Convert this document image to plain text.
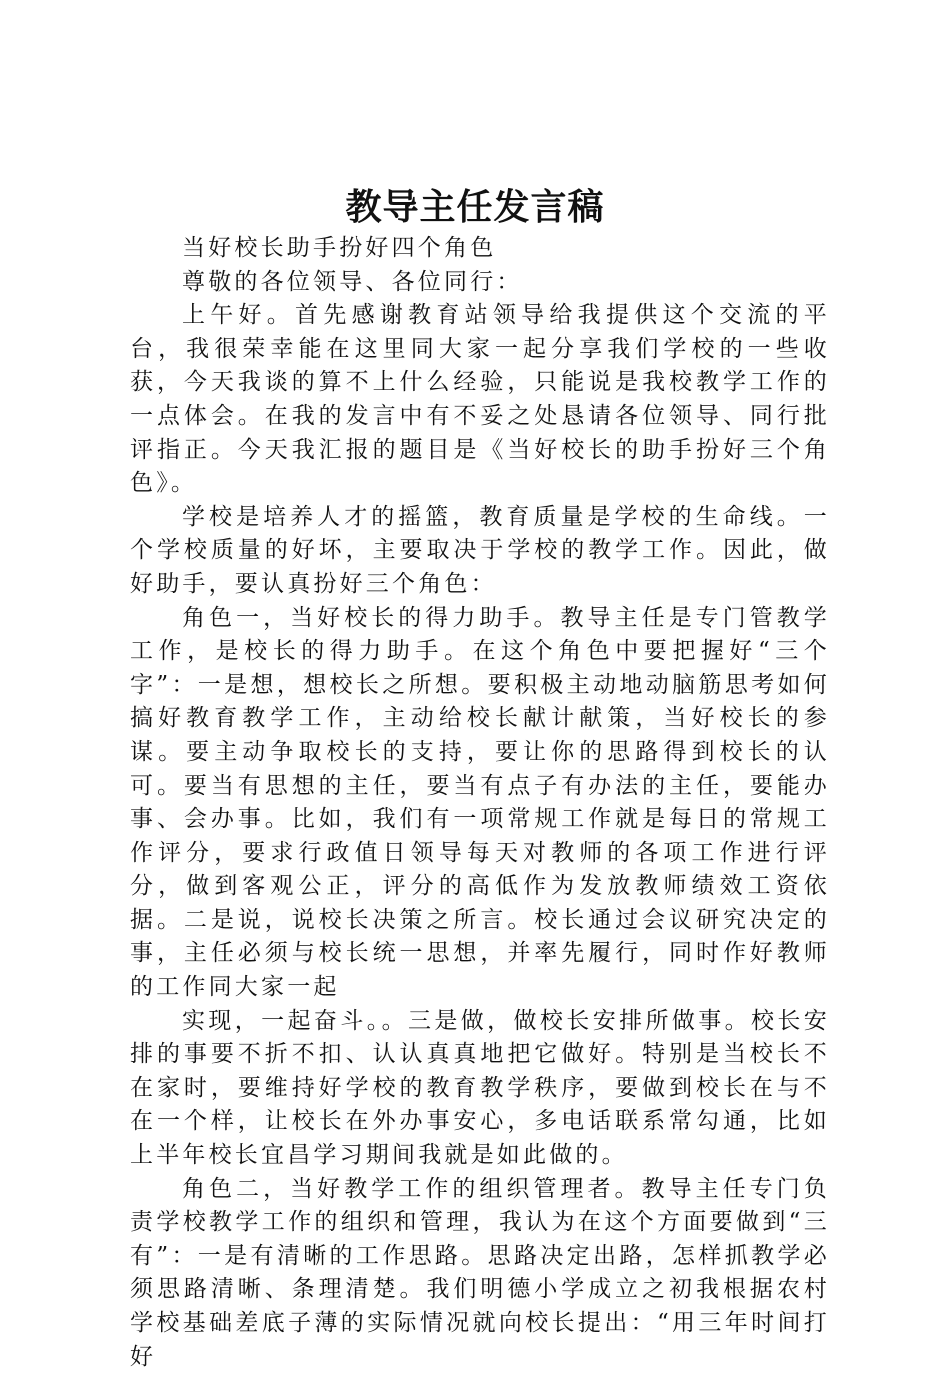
教导主任发言稿

当好校长助手扮好四个角色

尊敬的各位领导、各位同行：

上午好。首先感谢教育站领导给我提供这个交流的平台，我很荣幸能在这里同大家一起分享我们学校的一些收获，今天我谈的算不上什么经验，只能说是我校教学工作的一点体会。在我的发言中有不妥之处恳请各位领导、同行批评指正。今天我汇报的题目是《当好校长的助手扮好三个角色》。

学校是培养人才的摇篮，教育质量是学校的生命线。一个学校质量的好坏，主要取决于学校的教学工作。因此，做好助手，要认真扮好三个角色：

角色一，当好校长的得力助手。教导主任是专门管教学工作，是校长的得力助手。在这个角色中要把握好“三个字”：一是想，想校长之所想。要积极主动地动脑筋思考如何搞好教育教学工作，主动给校长献计献策，当好校长的参谋。要主动争取校长的支持，要让你的思路得到校长的认可。要当有思想的主任，要当有点子有办法的主任，要能办事、会办事。比如，我们有一项常规工作就是每日的常规工作评分，要求行政值日领导每天对教师的各项工作进行评分，做到客观公正，评分的高低作为发放教师绩效工资依据。二是说，说校长决策之所言。校长通过会议研究决定的事，主任必须与校长统一思想，并率先履行，同时作好教师的工作同大家一起

实现，一起奋斗。。三是做，做校长安排所做事。校长安排的事要不折不扣、认认真真地把它做好。特别是当校长不在家时，要维持好学校的教育教学秩序，要做到校长在与不在一个样，让校长在外办事安心，多电话联系常勾通，比如上半年校长宜昌学习期间我就是如此做的。

角色二，当好教学工作的组织管理者。教导主任专门负责学校教学工作的组织和管理，我认为在这个方面要做到“三有”：一是有清晰的工作思路。思路决定出路，怎样抓教学必须思路清晰、条理清楚。我们明德小学成立之初我根据农村学校基础差底子薄的实际情况就向校长提出：“用三年时间打好
